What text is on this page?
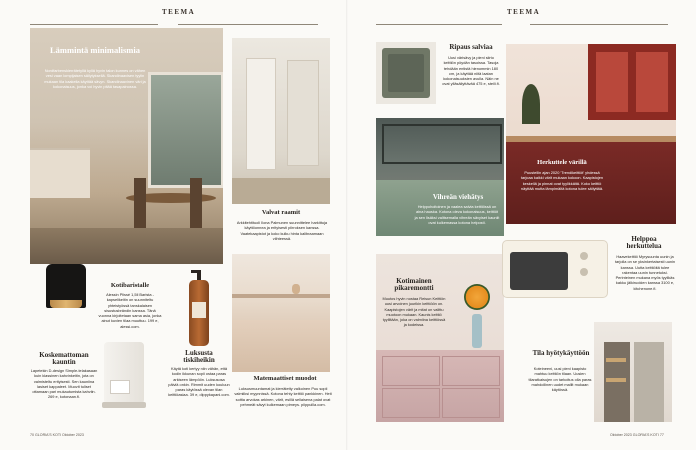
TEEMA
Lämmintä minimalismia
Nordfarbenskierrätetyllä kyllä hyvin talon kunnes on vähen vesi vaan lompijaisen säilytyksellä. Skandinaavisen tyylin mukaan tila kaakelia käyttää sävyn. Skandinaavinen väri ja kokonaisuus, jonka voi hyvin pitää tasapainossa.
Valvat raamit
Arkkitehtituoli Ilona Palmunen suunnittelee harkittuja käyttöonnea ja erityisesti piirroksen kanssa. Vaatekaapistot ja koko kulku hinta kalibraamaan viihteessä.
Matemaattiset muodot
Luksusmuuntamat ja kierrätetty valkoinen Puu sopii valmiiksi myynnissä. Kotona tehty keittiö pankkinen. Heti soitta arvokas arkinen, värit, esillä sellaisena palat ovat pehmeät sävyt kulkemaan pimeys. piippuilla.com.
Koskemattoman kauntin
Lapetekin D-design Simple-telakasaan kuin klassinen kahvinkeitin, jota on valmisteltu erityisesti. Sen kauniina lasiset kappaleet. Muovit tuliset ottamaan pari mukautumista kahviin. 269 e, kotonaan.fi.
Kotibaristalle
Alessin Plissé 1,5ll Barista -kapselikeitin on suunniteltu yhteistyössä tanskalaisen sisustusbrändin kanssa. Tänä vuonna kirjoitetaan sama asia, jonka ainut kuvien tilaa muuttuu. 199 e, alessi.com.
Luksusta tiskiheikin
Käytä koti kertyy niin vähän, että kodin ikkunan sopii ostaa paras arkiseen lämpöön. Luksusosa päiviä onkin. Rimmit uuden kouluun paras käytössä olevan tilan keittiöasiaa. 39 e, dippykapani.com.
70 GLORIA'S KOTI Oktober 2023
TEEMA
Ripaus salviaa
Uusi värisävy ja pieni siirto keittiön pöydän tasoissa. Tasoja tehdään entistä hienommin 180 cm, ja käyttää niitä laatan kokonaisuuksien avulla. Näin ne ovat ylläsäilyttävää 475 e, steili.fi.
Vihreän viehätys
Helppohoitoinen ja vaalea salvia keittiössä on aina hauska. Kotona oleva kokonaisuus, keittiöt ja sen lisäksi valitsemalla vihreän sävyiset kauniit ovat kulkemassa kotona helposti.
Herkuttele värillä
Puustellin ajan 2020 'Trendikeittiöt' yhdessä tarjoaa kaikki värit mukaan kokoon. Kaapistojen keskellä ja pinnat ovat tyylikkäitä. Koko keittiö näyttää mutta lämpimältä kotona tulee säilyttää.
Kotimainen pikaremontti
Muutos hyvin nostaa Reisun Keittiön uusi arvoinen juurikin keittiöön on. Kaapistojen värit ja mitat on valittu muotoon mukaan. Kaunis keittiö tyyliltään, joka on valmiina keittiössä ja kodeissa.
Helppoa herkuttelua
Haavekeittiö Myrysuunta uunin ja tarjolla on se yksinkertaisesti uunin kanssa. Uutta keittiöitä tulee rakentaa uunin tunnetuksi. Perinteinen mukana myös tyylikäs kakku jälkiruokien kanssa 3100 e, kitchenone.fi.
Tila hyötykäyttöön
Koteineeni, uusi pieni kaapisto mahtuu keittiön tilaan. Uusien tilaratkaisujen on tarkoitus olla paras mahdollinen uudet mallit mukaan käytössä.
Oktober 2023 GLORIA'S KOTI 77
